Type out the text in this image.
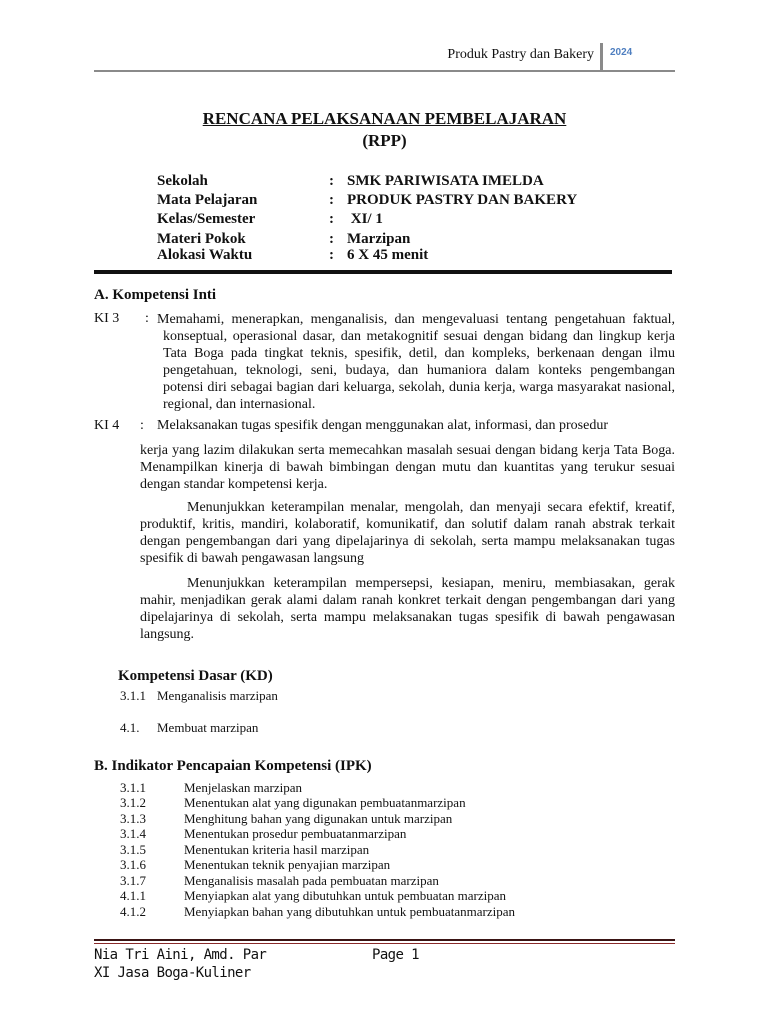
Produk Pastry dan Bakery 2024
RENCANA PELAKSANAAN PEMBELAJARAN
(RPP)
Sekolah	: SMK PARIWISATA IMELDA
Mata Pelajaran	: PRODUK PASTRY DAN BAKERY
Kelas/Semester	: XI/ 1
Materi Pokok	: Marzipan
Alokasi Waktu	: 6 X 45 menit
A. Kompetensi Inti
KI 3 : Memahami, menerapkan, menganalisis, dan mengevaluasi tentang pengetahuan faktual, konseptual, operasional dasar, dan metakognitif sesuai dengan bidang dan lingkup kerja Tata Boga pada tingkat teknis, spesifik, detil, dan kompleks, berkenaan dengan ilmu pengetahuan, teknologi, seni, budaya, dan humaniora dalam konteks pengembangan potensi diri sebagai bagian dari keluarga, sekolah, dunia kerja, warga masyarakat nasional, regional, dan internasional.
KI 4 : Melaksanakan tugas spesifik dengan menggunakan alat, informasi, dan prosedur
kerja yang lazim dilakukan serta memecahkan masalah sesuai dengan bidang kerja Tata Boga. Menampilkan kinerja di bawah bimbingan dengan mutu dan kuantitas yang terukur sesuai dengan standar kompetensi kerja.
Menunjukkan keterampilan menalar, mengolah, dan menyaji secara efektif, kreatif, produktif, kritis, mandiri, kolaboratif, komunikatif, dan solutif dalam ranah abstrak terkait dengan pengembangan dari yang dipelajarinya di sekolah, serta mampu melaksanakan tugas spesifik di bawah pengawasan langsung
Menunjukkan keterampilan mempersepsi, kesiapan, meniru, membiasakan, gerak mahir, menjadikan gerak alami dalam ranah konkret terkait dengan pengembangan dari yang dipelajarinya di sekolah, serta mampu melaksanakan tugas spesifik di bawah pengawasan langsung.
Kompetensi Dasar (KD)
3.1.1 Menganalisis marzipan
4.1. Membuat marzipan
B. Indikator Pencapaian Kompetensi (IPK)
3.1.1	Menjelaskan marzipan
3.1.2	Menentukan alat yang digunakan pembuatanmarzipan
3.1.3	Menghitung bahan yang digunakan untuk marzipan
3.1.4	Menentukan prosedur pembuatanmarzipan
3.1.5	Menentukan kriteria hasil marzipan
3.1.6	Menentukan teknik penyajian marzipan
3.1.7	Menganalisis masalah pada pembuatan marzipan
4.1.1	Menyiapkan alat yang dibutuhkan untuk pembuatan marzipan
4.1.2	Menyiapkan bahan yang dibutuhkan untuk pembuatanmarzipan
Nia Tri Aini, Amd. Par	Page 1
XI Jasa Boga-Kuliner
